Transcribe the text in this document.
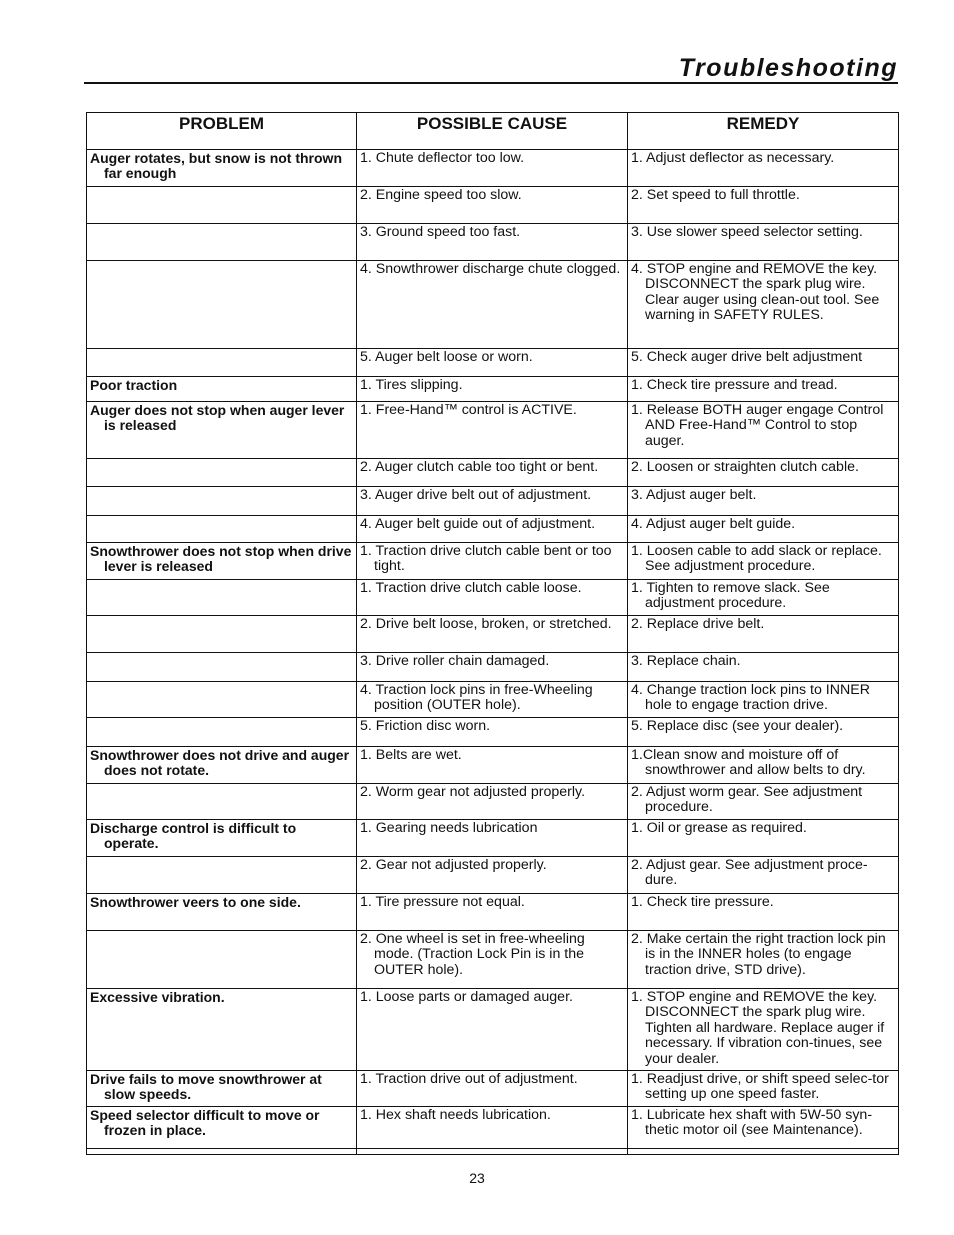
Troubleshooting
PROBLEM	POSSIBLE CAUSE	REMEDY

Auger rotates, but snow is not thrown far enough	1. Chute deflector too low.	1. Adjust deflector as necessary.

	2. Engine speed too slow.	2. Set speed to full throttle.

	3. Ground speed too fast.	3. Use slower speed selector setting.

	4. Snowthrower discharge chute clogged.	4. STOP engine and REMOVE the key. DISCONNECT the spark plug wire. Clear auger using clean-out tool. See warning in SAFETY RULES.

	5. Auger belt loose or worn.	5. Check auger drive belt adjustment

Poor traction	1. Tires slipping.	1. Check tire pressure and tread.

Auger does not stop when auger lever is released	1. Free-Hand™ control is ACTIVE.	1. Release BOTH auger engage Control AND Free-Hand™ Control to stop auger.

	2. Auger clutch cable too tight or bent.	2. Loosen or straighten clutch cable.

	3. Auger drive belt out of adjustment.	3. Adjust auger belt.

	4. Auger belt guide out of adjustment.	4. Adjust auger belt guide.

Snowthrower does not stop when drive lever is released	1. Traction drive clutch cable bent or too tight.	1. Loosen cable to add slack or replace. See adjustment procedure.

	1. Traction drive clutch cable loose.	1. Tighten to remove slack. See adjustment procedure.

	2. Drive belt loose, broken, or stretched.	2. Replace drive belt.

	3. Drive roller chain damaged.	3. Replace chain.

	4. Traction lock pins in free-Wheeling position (OUTER hole).	4. Change traction lock pins to INNER hole to engage traction drive.

	5. Friction disc worn.	5. Replace disc (see your dealer).

Snowthrower does not drive and auger does not rotate.	1. Belts are wet.	1.Clean snow and moisture off of snowthrower and allow belts to dry.

	2. Worm gear not adjusted properly.	2. Adjust worm gear. See adjustment procedure.

Discharge control is difficult to operate.	1. Gearing needs lubrication	1. Oil or grease as required.

	2. Gear not adjusted properly.	2. Adjust gear. See adjustment proce-dure.

Snowthrower veers to one side.	1. Tire pressure not equal.	1. Check tire pressure.

	2. One wheel is set in free-wheeling mode. (Traction Lock Pin is in the OUTER hole).	2. Make certain the right traction lock pin is in the INNER holes (to engage traction drive, STD drive).

Excessive vibration.	1. Loose parts or damaged auger.	1. STOP engine and REMOVE the key. DISCONNECT the spark plug wire. Tighten all hardware. Replace auger if necessary. If vibration con-tinues, see your dealer.

Drive fails to move snowthrower at slow speeds.	1. Traction drive out of adjustment.	1. Readjust drive, or shift speed selec-tor setting up one speed faster.

Speed selector difficult to move or frozen in place.	1. Hex shaft needs lubrication.	1. Lubricate hex shaft with 5W-50 syn-thetic motor oil (see Maintenance).

23
